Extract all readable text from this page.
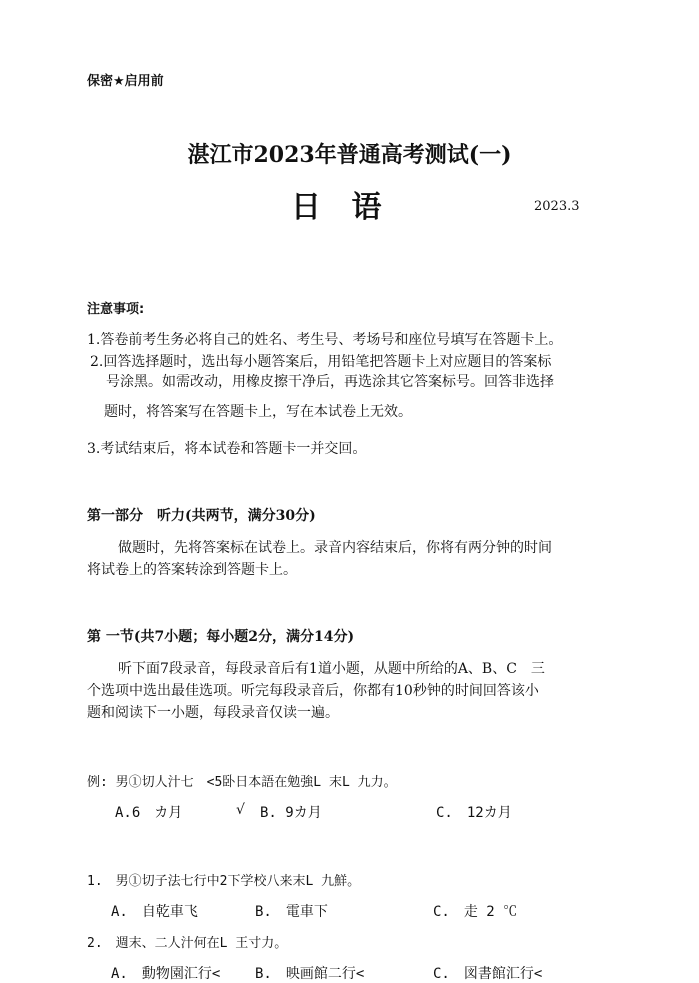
保密★启用前
湛江市2023年普通高考测试(一)
日 语	2023.3
注意事项:
1.答卷前考生务必将自己的姓名、考生号、考场号和座位号填写在答题卡上。
2.回答选择题时，选出每小题答案后，用铅笔把答题卡上对应题目的答案标
号涂黑。如需改动，用橡皮擦干净后，再选涂其它答案标号。回答非选择
题时，将答案写在答题卡上，写在本试卷上无效。
3.考试结束后，将本试卷和答题卡一并交回。
第一部分　听力(共两节，满分30分)
做题时，先将答案标在试卷上。录音内容结束后，你将有两分钟的时间
将试卷上的答案转涂到答题卡上。
第 一节(共7小题；每小题2分，满分14分)
听下面7段录音，每段录音后有1道小题，从题中所给的A、B、C　三
个选项中选出最佳选项。听完每段录音后，你都有10秒钟的时间回答该小
题和阅读下一小题，每段录音仅读一遍。
例: 男①切人汁七　<5卧日本語在勉強L 末L 九力。
A.6　カ月	√ B. 9カ月	C.　12カ月
1.　男①切子法七行中2下学校八来末L 九鮮。
A.　自乾車飞	B.　電車下	C.　走 2 ℃
2.　週末、二人汁何在L 王寸力。
A.　動物園汇行< B.　映画館二行<	C.　図書館汇行<
